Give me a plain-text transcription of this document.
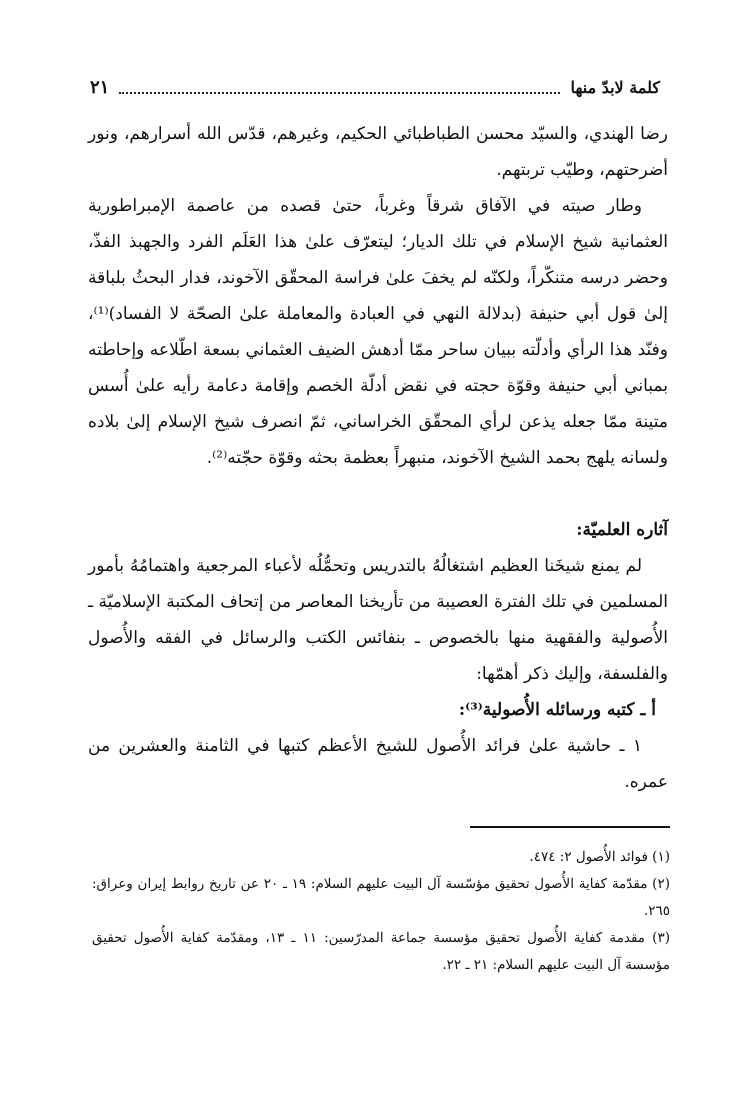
كلمة لابدّ منها
٢١

رضا الهندي، والسيّد محسن الطباطبائي الحكيم، وغيرهم، قدّس الله أسرارهم، ونور أضرحتهم، وطيّب تربتهم.

وطار صيته في الآفاق شرقاً وغرباً، حتىٰ قصده من عاصمة الإمبراطورية العثمانية شيخ الإسلام في تلك الديار؛ ليتعرّف علىٰ هذا العَلَم الفرد والجهبذ الفذّ، وحضر درسه متنكّراً، ولكنّه لم يخفَ علىٰ فراسة المحقّق الآخوند، فدار البحثُ بلباقة إلىٰ قول أبي حنيفة (بدلالة النهي في العبادة والمعاملة علىٰ الصحّة لا الفساد)⁽¹⁾، وفنّد هذا الرأي وأدلّته ببيان ساحر ممّا أدهش الضيف العثماني بسعة اطّلاعه وإحاطته بمباني أبي حنيفة وقوّة حجته في نقض أدلّة الخصم وإقامة دعامة رأيه علىٰ أُسس متينة ممّا جعله يذعن لرأي المحقّق الخراساني، ثمّ انصرف شيخ الإسلام إلىٰ بلاده ولسانه يلهج بحمد الشيخ الآخوند، منبهراً بعظمة بحثه وقوّة حجّته⁽²⁾.

آثاره العلميّة:

لم يمنع شيخَنا العظيم اشتغالُهُ بالتدريس وتحمُّلُه لأعباء المرجعية واهتمامُهُ بأمور المسلمين في تلك الفترة العصيبة من تأريخنا المعاصر من إتحاف المكتبة الإسلاميّة ـ الأُصولية والفقهية منها بالخصوص ـ بنفائس الكتب والرسائل في الفقه والأُصول والفلسفة، وإليك ذكر أهمّها:

أ ـ كتبه ورسائله الأُصولية⁽³⁾:

١ ـ حاشية علىٰ فرائد الأُصول للشيخ الأعظم كتبها في الثامنة والعشرين من عمره.

(١) فوائد الأُصول ٢: ٤٧٤.

(٢) مقدّمة كفاية الأُصول تحقيق مؤسّسة آل البيت عليهم السلام: ١٩ ـ ٢٠ عن تاريخ روابط إيران وعراق: ٢٦٥.

(٣) مقدمة كفاية الأُصول تحقيق مؤسسة جماعة المدرّسين: ١١ ـ ١٣، ومقدّمة كفاية الأُصول تحقيق مؤسسة آل البيت عليهم السلام: ٢١ ـ ٢٢.
